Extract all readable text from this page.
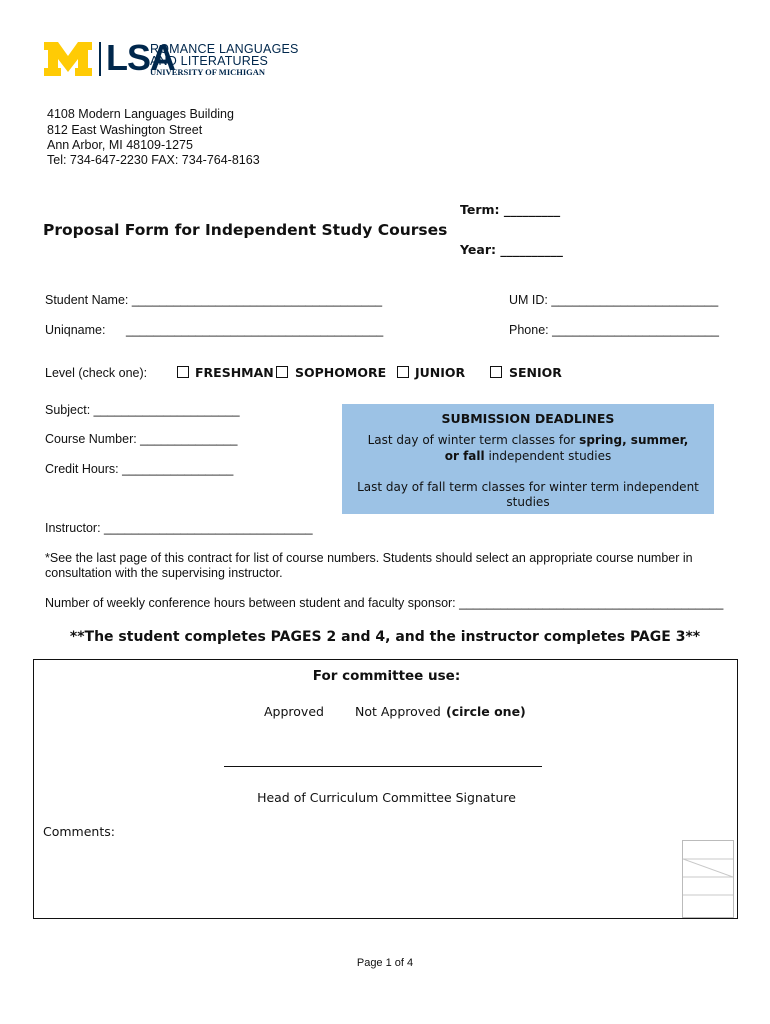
LSA
ROMANCE LANGUAGES
AND LITERATURES
UNIVERSITY OF MICHIGAN
4108 Modern Languages Building
812 East Washington Street
Ann Arbor, MI 48109-1275
Tel: 734-647-2230 FAX: 734-764-8163
Term: _________
Proposal Form for Independent Study Courses
Year: __________
Student Name: ____________________________________	UM ID: ________________________
Uniqname: _____________________________________	Phone: ________________________
Level (check one):	FRESHMAN SOPHOMORE JUNIOR	SENIOR
Subject: _____________________
Course Number: ______________
Credit Hours: ________________
SUBMISSION DEADLINES
Last day of winter term classes for spring, summer,
or fall independent studies
Last day of fall term classes for winter term independent studies
Instructor: ______________________________
*See the last page of this contract for list of course numbers. Students should select an appropriate course number in consultation with the supervising instructor.
Number of weekly conference hours between student and faculty sponsor: ______________________________________
**The student completes PAGES 2 and 4, and the instructor completes PAGE 3**
For committee use:
Approved Not Approved (circle one)
Head of Curriculum Committee Signature
Comments:
Page 1 of 4
